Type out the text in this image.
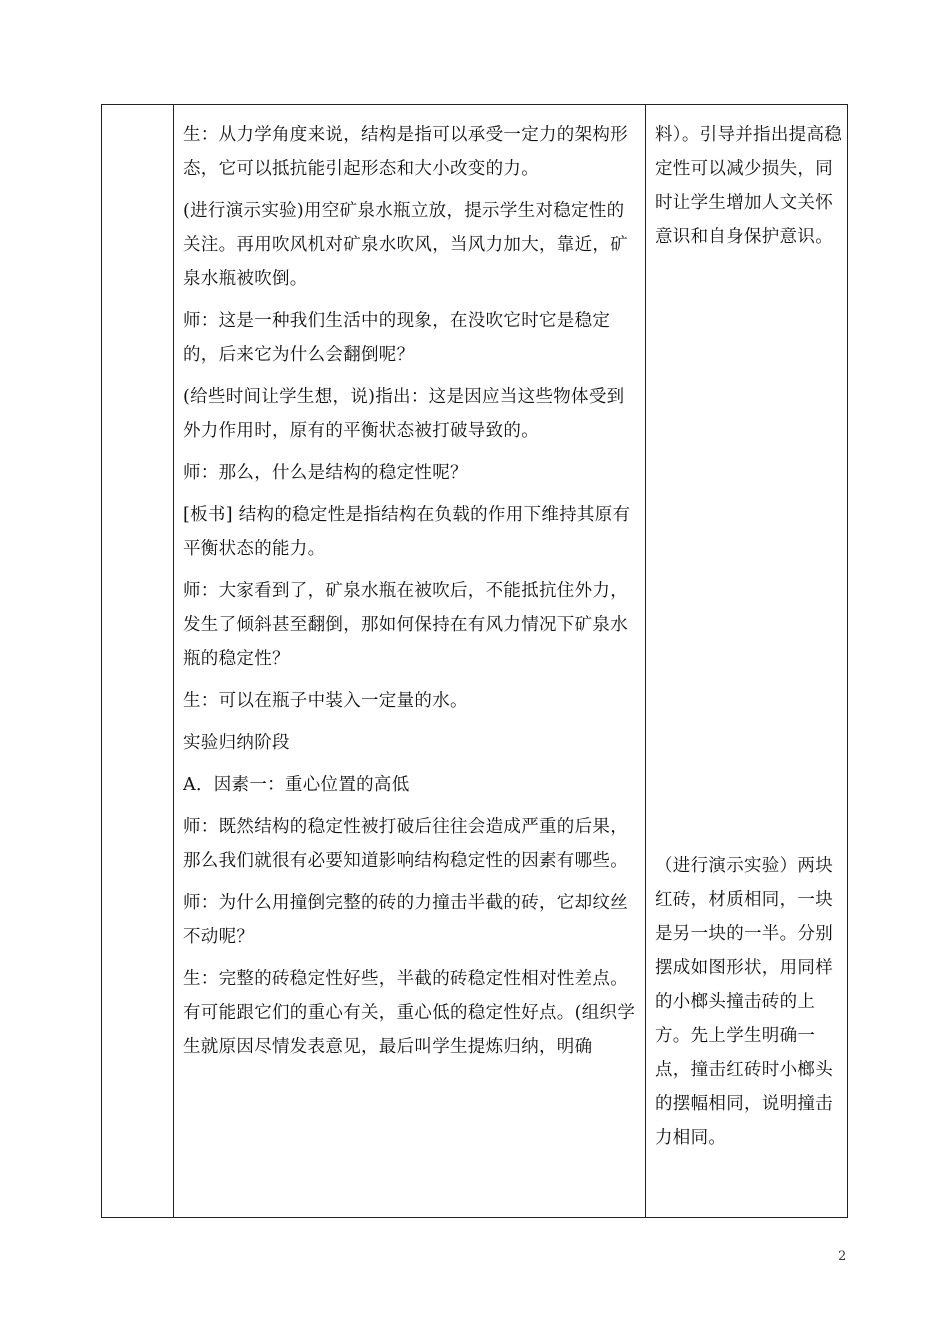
生：从力学角度来说，结构是指可以承受一定力的架构形态，它可以抵抗能引起形态和大小改变的力。

(进行演示实验)用空矿泉水瓶立放，提示学生对稳定性的关注。再用吹风机对矿泉水吹风，当风力加大，靠近，矿泉水瓶被吹倒。

师：这是一种我们生活中的现象，在没吹它时它是稳定的，后来它为什么会翻倒呢？

(给些时间让学生想，说)指出：这是因应当这些物体受到外力作用时，原有的平衡状态被打破导致的。

师：那么，什么是结构的稳定性呢？

[板书] 结构的稳定性是指结构在负载的作用下维持其原有平衡状态的能力。

师：大家看到了，矿泉水瓶在被吹后，不能抵抗住外力，发生了倾斜甚至翻倒，那如何保持在有风力情况下矿泉水瓶的稳定性？

生：可以在瓶子中装入一定量的水。

实验归纳阶段

A．因素一：重心位置的高低

师：既然结构的稳定性被打破后往往会造成严重的后果，那么我们就很有必要知道影响结构稳定性的因素有哪些。

师：为什么用撞倒完整的砖的力撞击半截的砖，它却纹丝不动呢？

生：完整的砖稳定性好些，半截的砖稳定性相对性差点。有可能跟它们的重心有关，重心低的稳定性好点。(组织学生就原因尽情发表意见，最后叫学生提炼归纳，明确

料）。引导并指出提高稳定性可以减少损失，同时让学生增加人文关怀意识和自身保护意识。
（进行演示实验）两块红砖，材质相同，一块是另一块的一半。分别摆成如图形状，用同样的小榔头撞击砖的上方。先上学生明确一点，撞击红砖时小榔头的摆幅相同，说明撞击力相同。
2
